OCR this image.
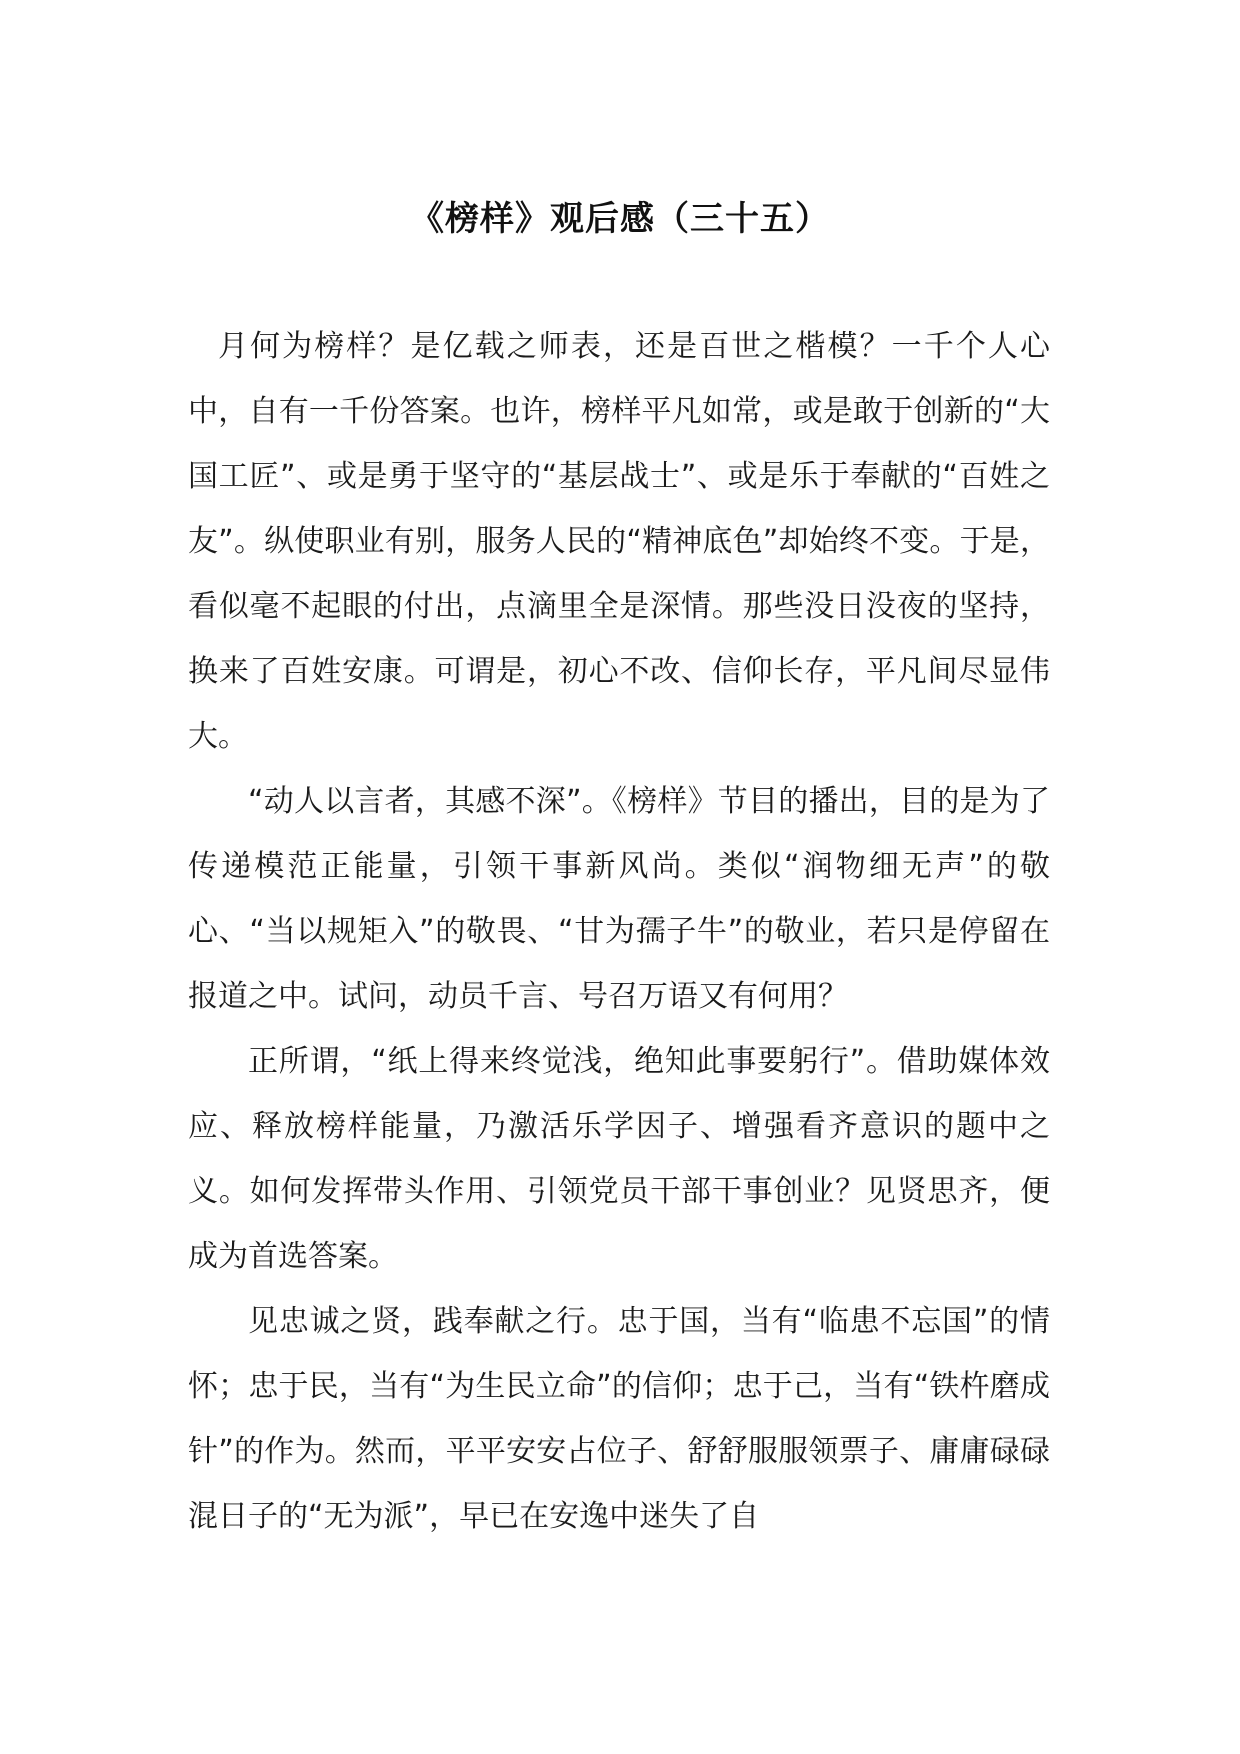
《榜样》观后感（三十五）

月何为榜样？是亿载之师表，还是百世之楷模？一千个人心中，自有一千份答案。也许，榜样平凡如常，或是敢于创新的“大国工匠”、或是勇于坚守的“基层战士”、或是乐于奉献的“百姓之友”。纵使职业有别，服务人民的“精神底色”却始终不变。于是，看似毫不起眼的付出，点滴里全是深情。那些没日没夜的坚持，换来了百姓安康。可谓是，初心不改、信仰长存，平凡间尽显伟大。

“动人以言者，其感不深”。《榜样》节目的播出，目的是为了传递模范正能量，引领干事新风尚。类似“润物细无声”的敬心、“当以规矩入”的敬畏、“甘为孺子牛”的敬业，若只是停留在报道之中。试问，动员千言、号召万语又有何用？

正所谓，“纸上得来终觉浅，绝知此事要躬行”。借助媒体效应、释放榜样能量，乃激活乐学因子、增强看齐意识的题中之义。如何发挥带头作用、引领党员干部干事创业？见贤思齐，便成为首选答案。

见忠诚之贤，践奉献之行。忠于国，当有“临患不忘国”的情怀；忠于民，当有“为生民立命”的信仰；忠于己，当有“铁杵磨成针”的作为。然而，平平安安占位子、舒舒服服领票子、庸庸碌碌混日子的“无为派”，早已在安逸中迷失了自
